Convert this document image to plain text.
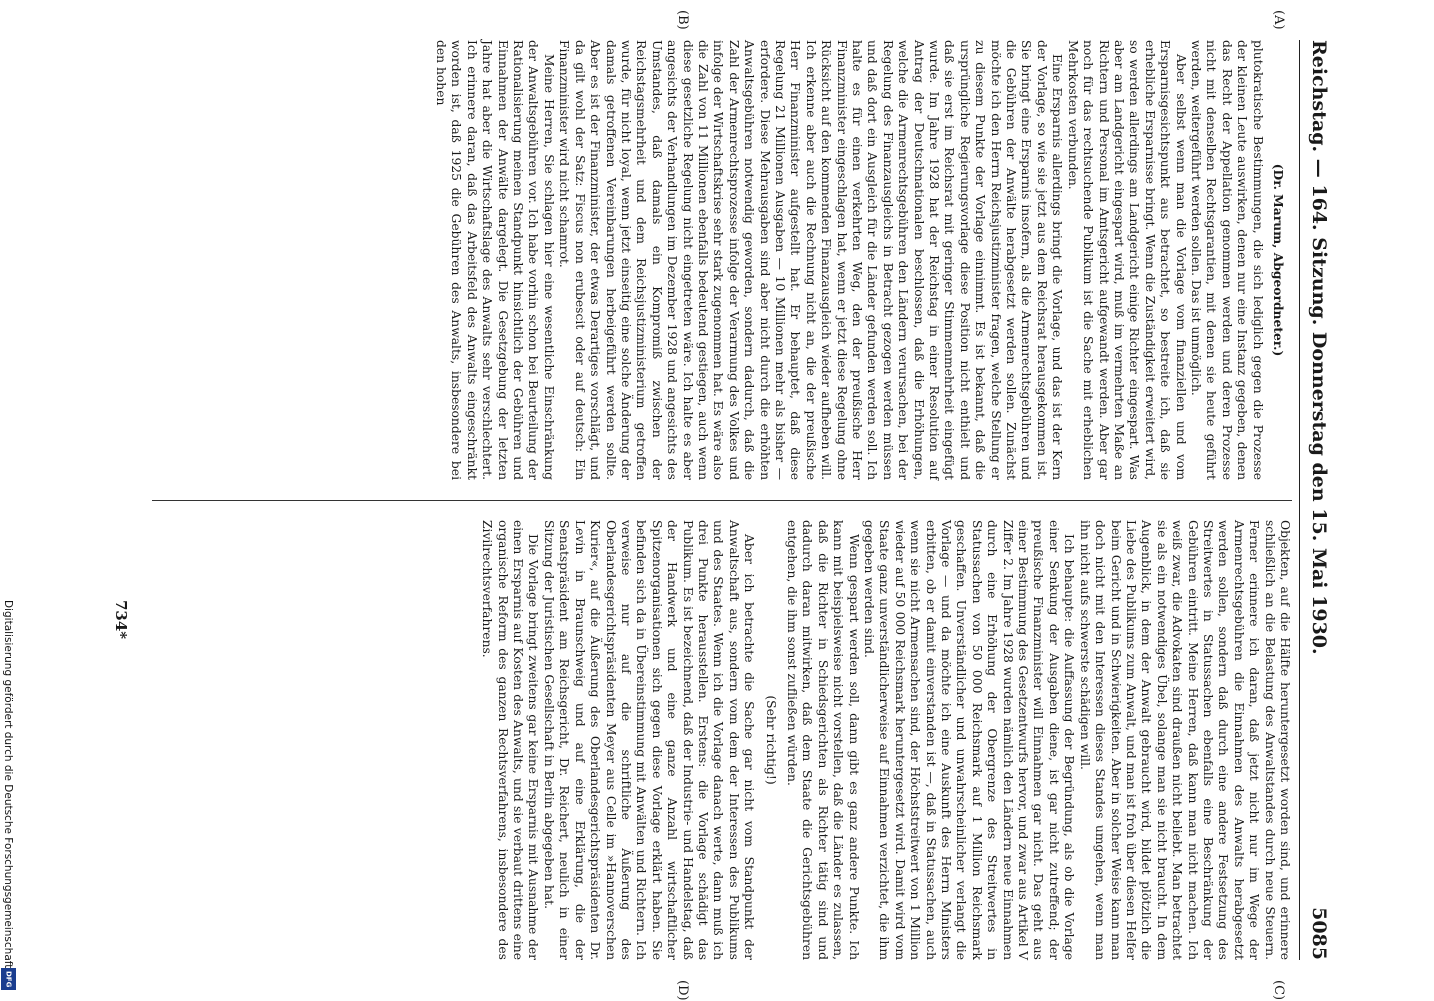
Digitalisierung gefördert durch die Deutsche Forschungsgemeinschaft
DFG
Reichstag. — 164. Sitzung. Donnerstag den 15. Mai 1930.
5085
(A)
(B)
(C)
(D)

(Dr. Marum, Abgeordneter.)

plutokratische Bestimmungen, die sich lediglich gegen die Prozesse der kleinen Leute auswirken, denen nur eine Instanz gegeben, denen das Recht der Appellation genommen werden und deren Prozesse nicht mit denselben Rechtsgarantien, mit denen sie heute geführt werden, weitergeführt werden sollen. Das ist unmöglich.

Aber selbst wenn man die Vorlage vom finanziellen und vom Ersparnisgesichtspunkt aus betrachtet, so bestreite ich, daß sie erhebliche Ersparnisse bringt. Wenn die Zuständigkeit erweitert wird, so werden allerdings am Landgericht einige Richter eingespart. Was aber am Landgericht eingespart wird, muß im vermehrten Maße an Richtern und Personal im Amtsgericht aufgewandt werden. Aber gar noch für das rechtsuchende Publikum ist die Sache mit erheblichen Mehrkosten verbunden.

Eine Ersparnis allerdings bringt die Vorlage, und das ist der Kern der Vorlage, so wie sie jetzt aus dem Reichsrat herausgekommen ist. Sie bringt eine Ersparnis insofern, als die Armenrechtsgebühren und die Gebühren der Anwälte herabgesetzt werden sollen. Zunächst möchte ich den Herrn Reichsjustizminister fragen, welche Stellung er zu diesem Punkte der Vorlage einnimmt. Es ist bekannt, daß die ursprüngliche Regierungsvorlage diese Position nicht enthielt und daß sie erst im Reichsrat mit geringer Stimmenmehrheit eingefügt wurde. Im Jahre 1928 hat der Reichstag in einer Resolution auf Antrag der Deutschnationalen beschlossen, daß die Erhöhungen, welche die Armenrechtsgebühren den Ländern verursachen, bei der Regelung des Finanzausgleichs in Betracht gezogen werden müssen und daß dort ein Ausgleich für die Länder gefunden werden soll. Ich halte es für einen verkehrten Weg, den der preußische Herr Finanzminister eingeschlagen hat, wenn er jetzt diese Regelung ohne Rücksicht auf den kommenden Finanzausgleich wieder aufheben will. Ich erkenne aber auch die Rechnung nicht an, die der preußische Herr Finanzminister aufgestellt hat. Er behauptet, daß diese Regelung 21 Millionen Ausgaben — 10 Millionen mehr als bisher — erfordere. Diese Mehrausgaben sind aber nicht durch die erhöhten Anwaltsgebühren notwendig geworden, sondern dadurch, daß die Zahl der Armenrechtsprozesse infolge der Verarmung des Volkes und infolge der Wirtschaftskrise sehr stark zugenommen hat. Es wäre also die Zahl von 11 Millionen ebenfalls bedeutend gestiegen, auch wenn diese gesetzliche Regelung nicht eingetreten wäre. Ich halte es aber angesichts der Verhandlungen im Dezember 1928 und angesichts des Umstandes, daß damals ein Kompromiß zwischen der Reichstagsmehrheit und dem Reichsjustizministerium getroffen wurde, für nicht loyal, wenn jetzt einseitig eine solche Änderung der damals getroffenen Vereinbarungen herbeigeführt werden sollte. Aber es ist der Finanzminister, der etwas Derartiges vorschlägt, und da gilt wohl der Satz: Fiscus non erubescit oder auf deutsch: Ein Finanzminister wird nicht schamrot.

Meine Herren, Sie schlagen hier eine wesentliche Einschränkung der Anwaltsgebühren vor. Ich habe vorhin schon bei Beurteilung der Rationalisierung meinen Standpunkt hinsichtlich der Gebühren und Einnahmen der Anwälte dargelegt. Die Gesetzgebung der letzten Jahre hat aber die Wirtschaftslage des Anwalts sehr verschlechtert. Ich erinnere daran, daß das Arbeitsfeld des Anwalts eingeschränkt worden ist, daß 1925 die Gebühren des Anwalts, insbesondere bei den hohen

Objekten, auf die Hälfte heruntergesetzt worden sind, und erinnere schließlich an die Belastung des Anwaltstandes durch neue Steuern. Ferner erinnere ich daran, daß jetzt nicht nur im Wege der Armenrechtsgebühren die Einnahmen des Anwalts herabgesetzt werden sollen, sondern daß durch eine andere Festsetzung des Streitwertes in Statussachen ebenfalls eine Beschränkung der Gebühren eintritt. Meine Herren, daß kann man nicht machen. Ich weiß zwar, die Advokaten sind draußen nicht beliebt. Man betrachtet sie als ein notwendiges Übel, solange man sie nicht braucht. In dem Augenblick, in dem der Anwalt gebraucht wird, bildet plötzlich die Liebe des Publikums zum Anwalt, und man ist froh über diesen Helfer beim Gericht und in Schwierigkeiten. Aber in solcher Weise kann man doch nicht mit den Interessen dieses Standes umgehen, wenn man ihn nicht aufs schwerste schädigen will.

Ich behaupte: die Auffassung der Begründung, als ob die Vorlage einer Senkung der Ausgaben diene, ist gar nicht zutreffend; der preußische Finanzminister will Einnahmen gar nicht. Das geht aus einer Bestimmung des Gesetzentwurfs hervor, und zwar aus Artikel V Ziffer 2. Im Jahre 1928 wurden nämlich den Ländern neue Einnahmen durch eine Erhöhung der Obergrenze des Streitwertes in Statussachen von 50 000 Reichsmark auf 1 Million Reichsmark geschaffen. Unverständlicher und unwahrscheinlicher verlangt die Vorlage — und da möchte ich eine Auskunft des Herrn Ministers erbitten, ob er damit einverstanden ist —, daß in Statussachen, auch wenn sie nicht Armensachen sind, der Höchststreitwert von 1 Million wieder auf 50 000 Reichsmark heruntergesetzt wird. Damit wird vom Staate ganz unverständlicherweise auf Einnahmen verzichtet, die ihm gegeben werden sind.

Wenn gespart werden soll, dann gibt es ganz andere Punkte. Ich kann mit beispielsweise nicht vorstellen, daß die Länder es zulassen, daß die Richter in Schiedsgerichten als Richter tätig sind und dadurch daran mitwirken, daß dem Staate die Gerichtsgebühren entgehen, die ihm sonst zufließen würden.

(Sehr richtig!)

Aber ich betrachte die Sache gar nicht vom Standpunkt der Anwaltschaft aus, sondern vom dem der Interessen des Publikums und des Staates. Wenn ich die Vorlage danach werte, dann muß ich drei Punkte herausstellen. Erstens: die Vorlage schädigt das Publikum. Es ist bezeichnend, daß der Industrie- und Handelstag, daß der Handwerk und eine ganze Anzahl wirtschaftlicher Spitzenorganisationen sich gegen diese Vorlage erklärt haben. Sie befinden sich da in Übereinstimmung mit Anwälten und Richtern. Ich verweise nur auf die schriftliche Äußerung des Oberlandesgerichtspräsidenten Meyer aus Celle im »Hannoverschen Kurier«, auf die Äußerung des Oberlandesgerichtspräsidenten Dr. Levin in Braunschweig und auf eine Erklärung, die der Senatspräsident am Reichsgericht, Dr. Reichert, neulich in einer Sitzung der Juristischen Gesellschaft in Berlin abgegeben hat.

Die Vorlage bringt zweitens gar keine Ersparnis mit Ausnahme der einen Ersparnis auf Kosten des Anwalts, und sie verbaut drittens eine organische Reform des ganzen Rechtsverfahrens, insbesondere des Zivilrechtsverfahrens.

734*
